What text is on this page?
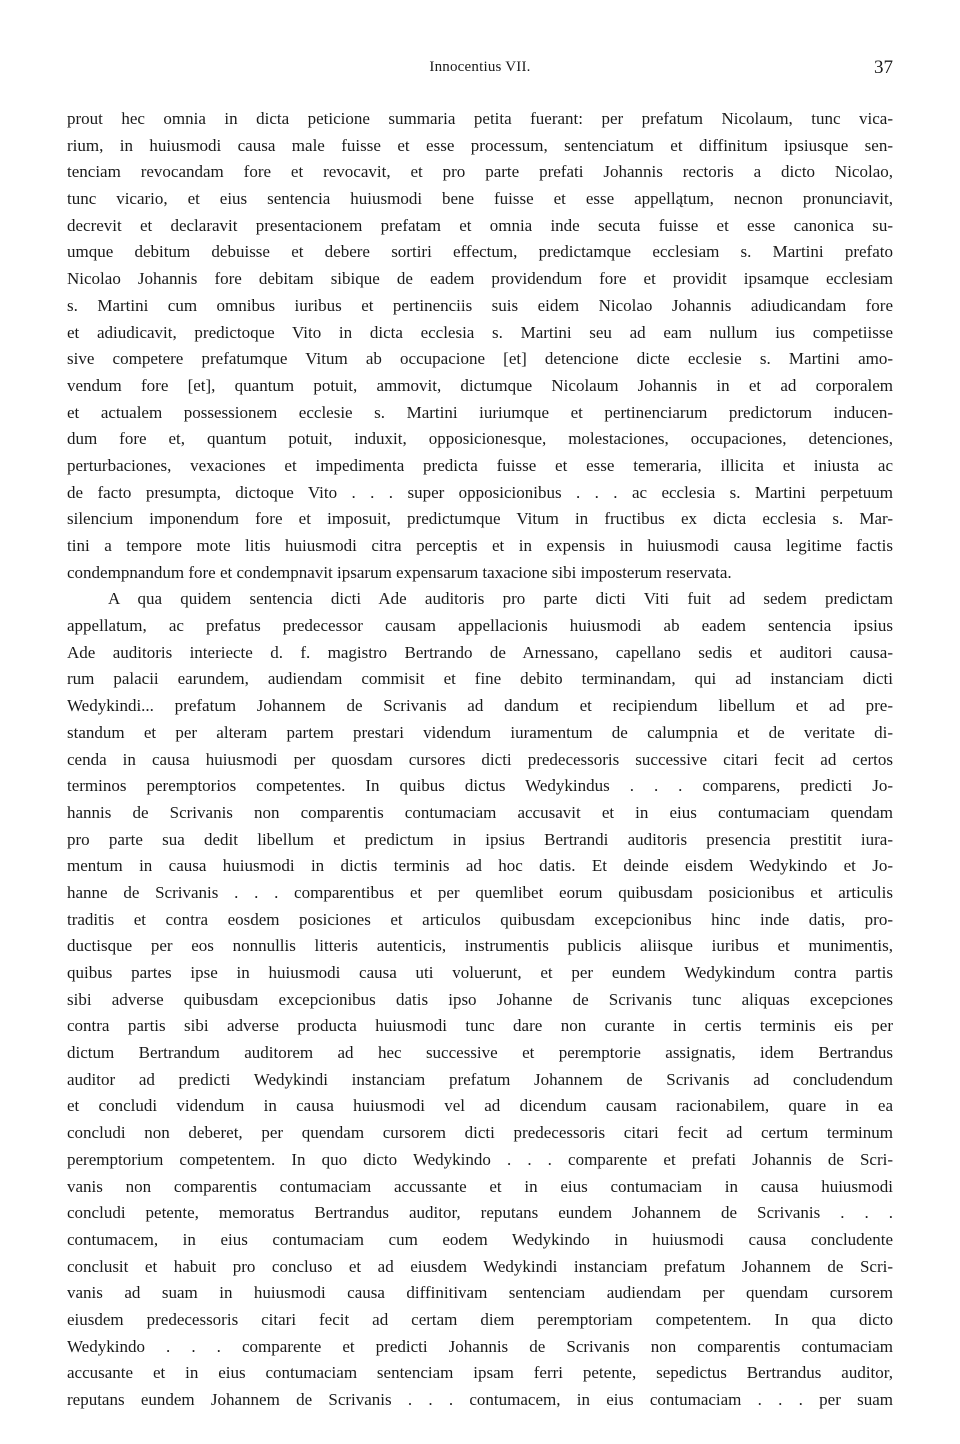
Innocentius VII.	37
prout hec omnia in dicta peticione summaria petita fuerant: per prefatum Nicolaum, tunc vica-
rium, in huiusmodi causa male fuisse et esse processum, sentenciatum et diffinitum ipsiusque sen-
tenciam revocandam fore et revocavit, et pro parte prefati Johannis rectoris a dicto Nicolao,
tunc vicario, et eius sentencia huiusmodi bene fuisse et esse appellątum, necnon pronunciavit,
decrevit et declaravit presentacionem prefatam et omnia inde secuta fuisse et esse canonica su-
umque debitum debuisse et debere sortiri effectum, predictamque ecclesiam s. Martini prefato
Nicolao Johannis fore debitam sibique de eadem providendum fore et providit ipsamque ecclesiam
s. Martini cum omnibus iuribus et pertinenciis suis eidem Nicolao Johannis adiudicandam fore
et adiudicavit, predictoque Vito in dicta ecclesia s. Martini seu ad eam nullum ius competiisse
sive competere prefatumque Vitum ab occupacione [et] detencione dicte ecclesie s. Martini amo-
vendum fore [et], quantum potuit, ammovit, dictumque Nicolaum Johannis in et ad corporalem
et actualem possessionem ecclesie s. Martini iuriumque et pertinenciarum predictorum inducen-
dum fore et, quantum potuit, induxit, opposicionesque, molestaciones, occupaciones, detenciones,
perturbaciones, vexaciones et impedimenta predicta fuisse et esse temeraria, illicita et iniusta ac
de facto presumpta, dictoque Vito . . . super opposicionibus . . . ac ecclesia s. Martini perpetuum
silencium imponendum fore et imposuit, predictumque Vitum in fructibus ex dicta ecclesia s. Mar-
tini a tempore mote litis huiusmodi citra perceptis et in expensis in huiusmodi causa legitime factis
condempnandum fore et condempnavit ipsarum expensarum taxacione sibi imposterum reservata.
A qua quidem sentencia dicti Ade auditoris pro parte dicti Viti fuit ad sedem predictam
appellatum, ac prefatus predecessor causam appellacionis huiusmodi ab eadem sentencia ipsius
Ade auditoris interiecte d. f. magistro Bertrando de Arnessano, capellano sedis et auditori causa-
rum palacii earundem, audiendam commisit et fine debito terminandam, qui ad instanciam dicti
Wedykindi... prefatum Johannem de Scrivanis ad dandum et recipiendum libellum et ad pre-
standum et per alteram partem prestari videndum iuramentum de calumpnia et de veritate di-
cenda in causa huiusmodi per quosdam cursores dicti predecessoris successive citari fecit ad certos
terminos peremptorios competentes. In quibus dictus Wedykindus . . . comparens, predicti Jo-
hannis de Scrivanis non comparentis contumaciam accusavit et in eius contumaciam quendam
pro parte sua dedit libellum et predictum in ipsius Bertrandi auditoris presencia prestitit iura-
mentum in causa huiusmodi in dictis terminis ad hoc datis. Et deinde eisdem Wedykindo et Jo-
hanne de Scrivanis . . . comparentibus et per quemlibet eorum quibusdam posicionibus et articulis
traditis et contra eosdem posiciones et articulos quibusdam excepcionibus hinc inde datis, pro-
ductisque per eos nonnullis litteris autenticis, instrumentis publicis aliisque iuribus et munimentis,
quibus partes ipse in huiusmodi causa uti voluerunt, et per eundem Wedykindum contra partis
sibi adverse quibusdam excepcionibus datis ipso Johanne de Scrivanis tunc aliquas excepciones
contra partis sibi adverse producta huiusmodi tunc dare non curante in certis terminis eis per
dictum Bertrandum auditorem ad hec successive et peremptorie assignatis, idem Bertrandus
auditor ad predicti Wedykindi instanciam prefatum Johannem de Scrivanis ad concludendum
et concludi videndum in causa huiusmodi vel ad dicendum causam racionabilem, quare in ea
concludi non deberet, per quendam cursorem dicti predecessoris citari fecit ad certum terminum
peremptorium competentem. In quo dicto Wedykindo . . . comparente et prefati Johannis de Scri-
vanis non comparentis contumaciam accussante et in eius contumaciam in causa huiusmodi
concludi petente, memoratus Bertrandus auditor, reputans eundem Johannem de Scrivanis . . .
contumacem, in eius contumaciam cum eodem Wedykindo in huiusmodi causa concludente
conclusit et habuit pro concluso et ad eiusdem Wedykindi instanciam prefatum Johannem de Scri-
vanis ad suam in huiusmodi causa diffinitivam sentenciam audiendam per quendam cursorem
eiusdem predecessoris citari fecit ad certam diem peremptoriam competentem. In qua dicto
Wedykindo . . . comparente et predicti Johannis de Scrivanis non comparentis contumaciam
accusante et in eius contumaciam sentenciam ipsam ferri petente, sepedictus Bertrandus auditor,
reputans eundem Johannem de Scrivanis . . . contumacem, in eius contumaciam . . . per suam
